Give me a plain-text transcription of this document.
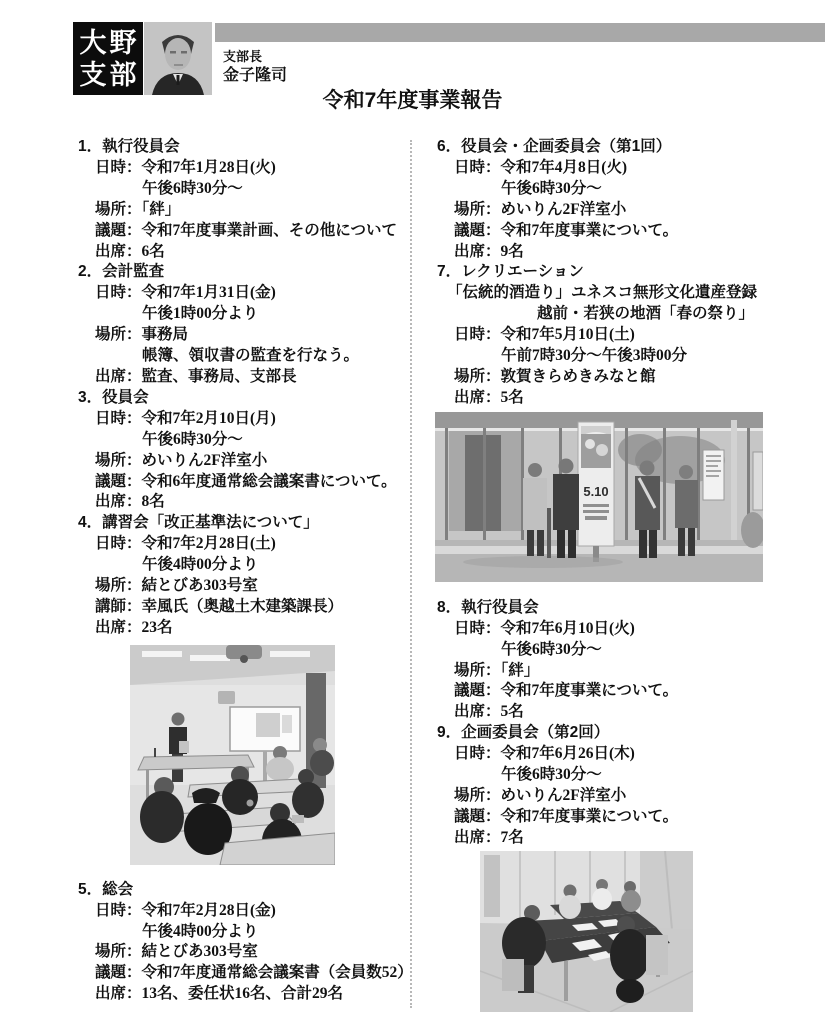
大野
支部
支部長
金子隆司
令和7年度事業報告
1．執行役員会
日時：令和7年1月28日(火)
午後6時30分～
場所：「絆」
議題：令和7年度事業計画、その他について
出席：6名
2．会計監査
日時：令和7年1月31日(金)
午後1時00分より
場所：事務局
帳簿、領収書の監査を行なう。
出席：監査、事務局、支部長
3．役員会
日時：令和7年2月10日(月)
午後6時30分～
場所：めいりん2F洋室小
議題：令和6年度通常総会議案書について。
出席：8名
4．講習会「改正基準法について」
日時：令和7年2月28日(土)
午後4時00分より
場所：結とびあ303号室
講師：幸風氏（奥越土木建築課長）
出席：23名
5．総会
日時：令和7年2月28日(金)
午後4時00分より
場所：結とびあ303号室
議題：令和7年度通常総会議案書（会員数52）
出席：13名、委任状16名、合計29名
6．役員会・企画委員会（第1回）
日時：令和7年4月8日(火)
午後6時30分～
場所：めいりん2F洋室小
議題：令和7年度事業について。
出席：9名
7．レクリエーション
「伝統的酒造り」ユネスコ無形文化遺産登録
越前・若狭の地酒「春の祭り」
日時：令和7年5月10日(土)
午前7時30分～午後3時00分
場所：敦賀きらめきみなと館
出席：5名
5.10
8．執行役員会
日時：令和7年6月10日(火)
午後6時30分～
場所：「絆」
議題：令和7年度事業について。
出席：5名
9．企画委員会（第2回）
日時：令和7年6月26日(木)
午後6時30分～
場所：めいりん2F洋室小
議題：令和7年度事業について。
出席：7名
